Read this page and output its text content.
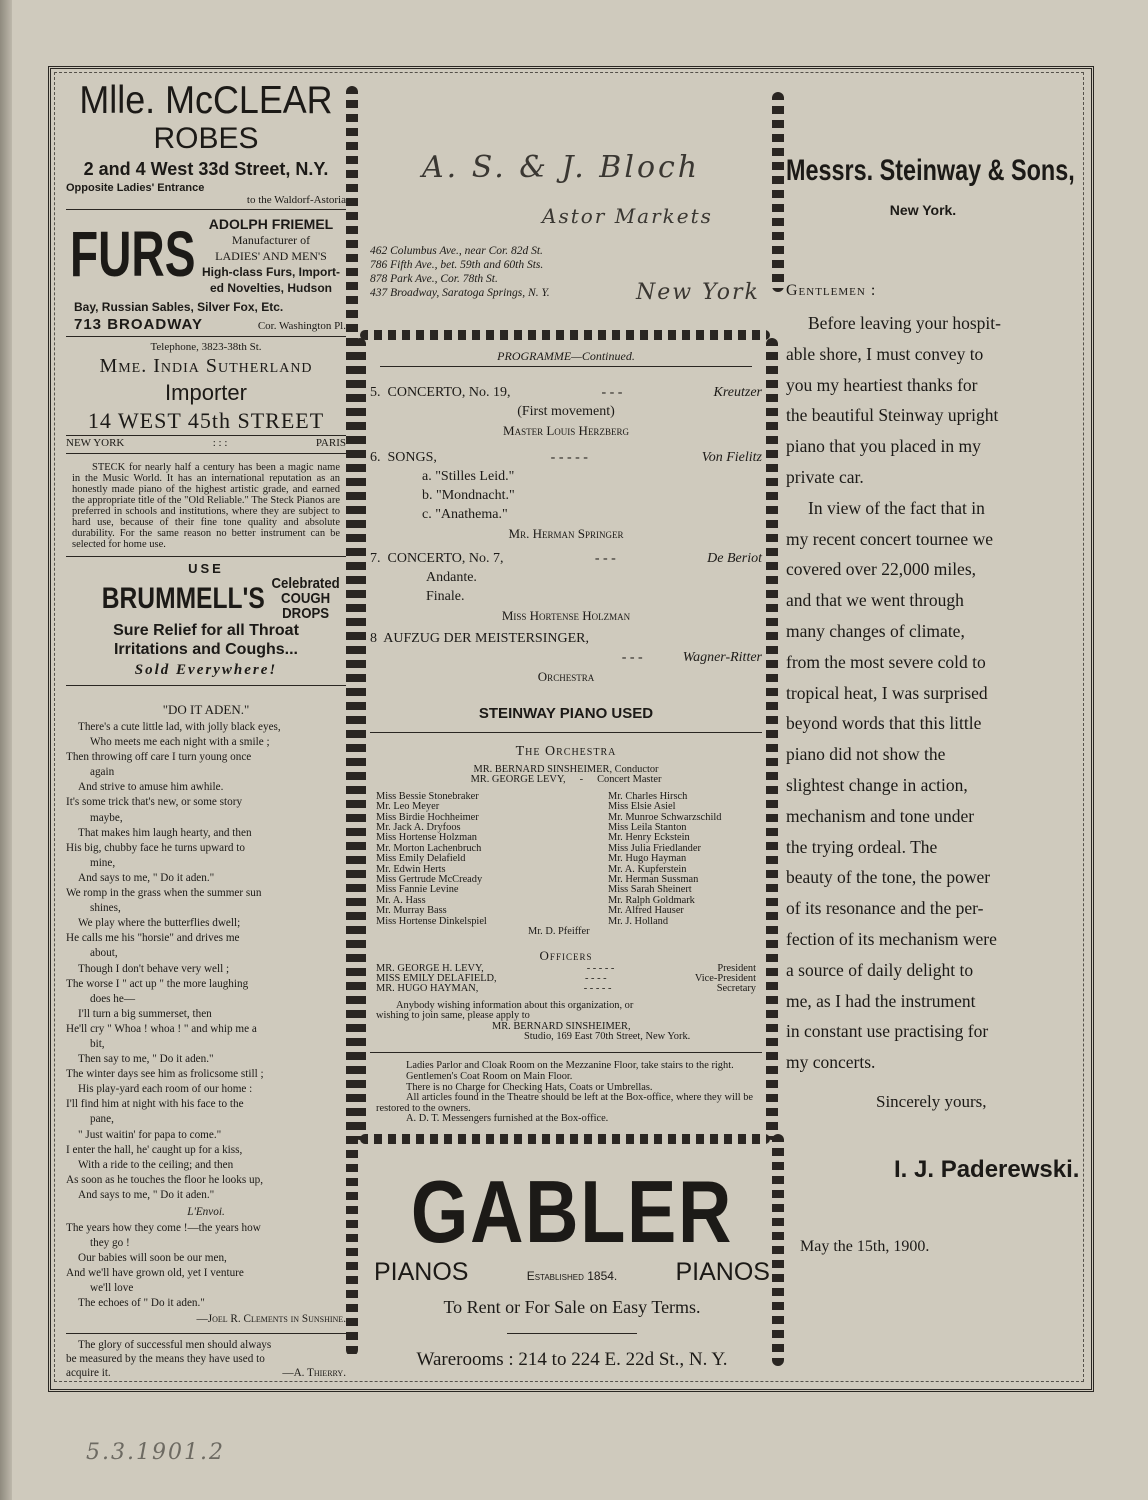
Mlle. McCLEAR
ROBES
2 and 4 West 33d Street, N.Y.
Opposite Ladies' Entrance
to the Waldorf-Astoria
FURS ADOLPH FRIEMEL
Manufacturer of
LADIES' AND MEN'S
High-class Furs, Import-
ed Novelties, Hudson
Bay, Russian Sables, Silver Fox, Etc.
713 BROADWAY	Cor. Washington Pl.
Telephone, 3823-38th St.
Mme. India Sutherland
Importer
14 WEST 45th STREET
NEW YORK	: : :	PARIS
STECK for nearly half a century has been a magic name in the Music World. It has an international reputation as an honestly made piano of the highest artistic grade, and earned the appropriate title of the "Old Reliable." The Steck Pianos are preferred in schools and institutions, where they are subject to hard use, because of their fine tone quality and absolute durability. For the same reason no better instrument can be selected for home use.
USE
BRUMMELL'S Celebrated
COUGH DROPS
Sure Relief for all Throat
Irritations and Coughs...
Sold Everywhere!
"DO IT ADEN."
There's a cute little lad, with jolly black eyes,
Who meets me each night with a smile ;
Then throwing off care I turn young once
again
And strive to amuse him awhile.
It's some trick that's new, or some story
maybe,
That makes him laugh hearty, and then
His big, chubby face he turns upward to
mine,
And says to me, " Do it aden."
We romp in the grass when the summer sun
shines,
We play where the butterflies dwell;
He calls me his "horsie" and drives me
about,
Though I don't behave very well ;
The worse I " act up " the more laughing
does he—
I'll turn a big summerset, then
He'll cry " Whoa ! whoa ! " and whip me a
bit,
Then say to me, " Do it aden."
The winter days see him as frolicsome still ;
His play-yard each room of our home :
I'll find him at night with his face to the
pane,
" Just waitin' for papa to come."
I enter the hall, he' caught up for a kiss,
With a ride to the ceiling; and then
As soon as he touches the floor he looks up,
And says to me, " Do it aden."
L'Envoi.
The years how they come !—the years how
they go !
Our babies will soon be our men,
And we'll have grown old, yet I venture
we'll love
The echoes of " Do it aden."
—Joel R. Clements in Sunshine.
The glory of successful men should always
be measured by the means they have used to
acquire it.	—A. Thierry.
A. S. & J. Bloch
Astor Markets
462 Columbus Ave., near Cor. 82d St.
786 Fifth Ave., bet. 59th and 60th Sts.
878 Park Ave., Cor. 78th St.
437 Broadway, Saratoga Springs, N. Y.	New York
PROGRAMME—Continued.
5. CONCERTO, No. 19,	- - -	Kreutzer
(First movement)
Master Louis Herzberg
6. SONGS,	- - - - -	Von Fielitz
a. "Stilles Leid."
b. "Mondnacht."
c. "Anathema."
Mr. Herman Springer
7. CONCERTO, No. 7,	- - -	De Beriot
Andante.
Finale.
Miss Hortense Holzman
8 AUFZUG DER MEISTERSINGER,
- - -	Wagner-Ritter
Orchestra
STEINWAY PIANO USED
The Orchestra
MR. BERNARD SINSHEIMER, Conductor
MR. GEORGE LEVY, - Concert Master
Miss Bessie Stonebraker
Mr. Leo Meyer
Miss Birdie Hochheimer
Mr. Jack A. Dryfoos
Miss Hortense Holzman
Mr. Morton Lachenbruch
Miss Emily Delafield
Mr. Edwin Herts
Miss Gertrude McCready
Miss Fannie Levine
Mr. A. Hass
Mr. Murray Bass
Miss Hortense Dinkelspiel
Mr. Charles Hirsch
Miss Elsie Asiel
Mr. Munroe Schwarzschild
Miss Leila Stanton
Mr. Henry Eckstein
Miss Julia Friedlander
Mr. Hugo Hayman
Mr. A. Kupferstein
Mr. Herman Sussman
Miss Sarah Sheinert
Mr. Ralph Goldmark
Mr. Alfred Hauser
Mr. J. Holland
Mr. D. Pfeiffer
Officers
MR. GEORGE H. LEVY,	- - - - -	President
MISS EMILY DELAFIELD,	- - - -	Vice-President
MR. HUGO HAYMAN,	- - - - -	Secretary
Anybody wishing information about this organization, or
wishing to join same, please apply to
MR. BERNARD SINSHEIMER,
Studio, 169 East 70th Street, New York.
Ladies Parlor and Cloak Room on the Mezzanine Floor, take stairs to the right.
Gentlemen's Coat Room on Main Floor.
There is no Charge for Checking Hats, Coats or Umbrellas.
All articles found in the Theatre should be left at the Box-office, where they will be restored to the owners.
A. D. T. Messengers furnished at the Box-office.
GABLER
PIANOS	Established 1854. PIANOS
To Rent or For Sale on Easy Terms.
Warerooms : 214 to 224 E. 22d St., N. Y.
Messrs. Steinway & Sons,
New York.
Gentlemen :
Before leaving your hospit-
able shore, I must convey to
you my heartiest thanks for
the beautiful Steinway upright
piano that you placed in my
private car.
In view of the fact that in
my recent concert tournee we
covered over 22,000 miles,
and that we went through
many changes of climate,
from the most severe cold to
tropical heat, I was surprised
beyond words that this little
piano did not show the
slightest change in action,
mechanism and tone under
the trying ordeal. The
beauty of the tone, the power
of its resonance and the per-
fection of its mechanism were
a source of daily delight to
me, as I had the instrument
in constant use practising for
my concerts.
Sincerely yours,
I. J. Paderewski.
May the 15th, 1900.
5.3.1901.2
